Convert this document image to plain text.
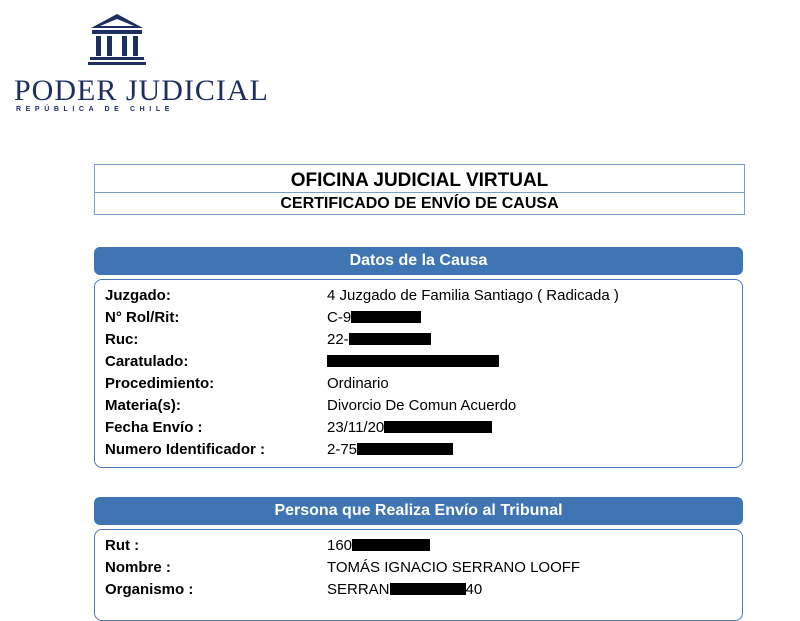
PODER JUDICIAL
REPÚBLICA DE CHILE
OFICINA JUDICIAL VIRTUAL
CERTIFICADO DE ENVÍO DE CAUSA
Datos de la Causa
Juzgado:	4 Juzgado de Familia Santiago ( Radicada )
N° Rol/Rit:	C-9
Ruc:	22-
Caratulado:
Procedimiento:	Ordinario
Materia(s):	Divorcio De Comun Acuerdo
Fecha Envío :	23/11/20
Numero Identificador :	2-75
Persona que Realiza Envío al Tribunal
Rut :	160
Nombre :	TOMÁS IGNACIO SERRANO LOOFF
Organismo :	SERRAN	40
